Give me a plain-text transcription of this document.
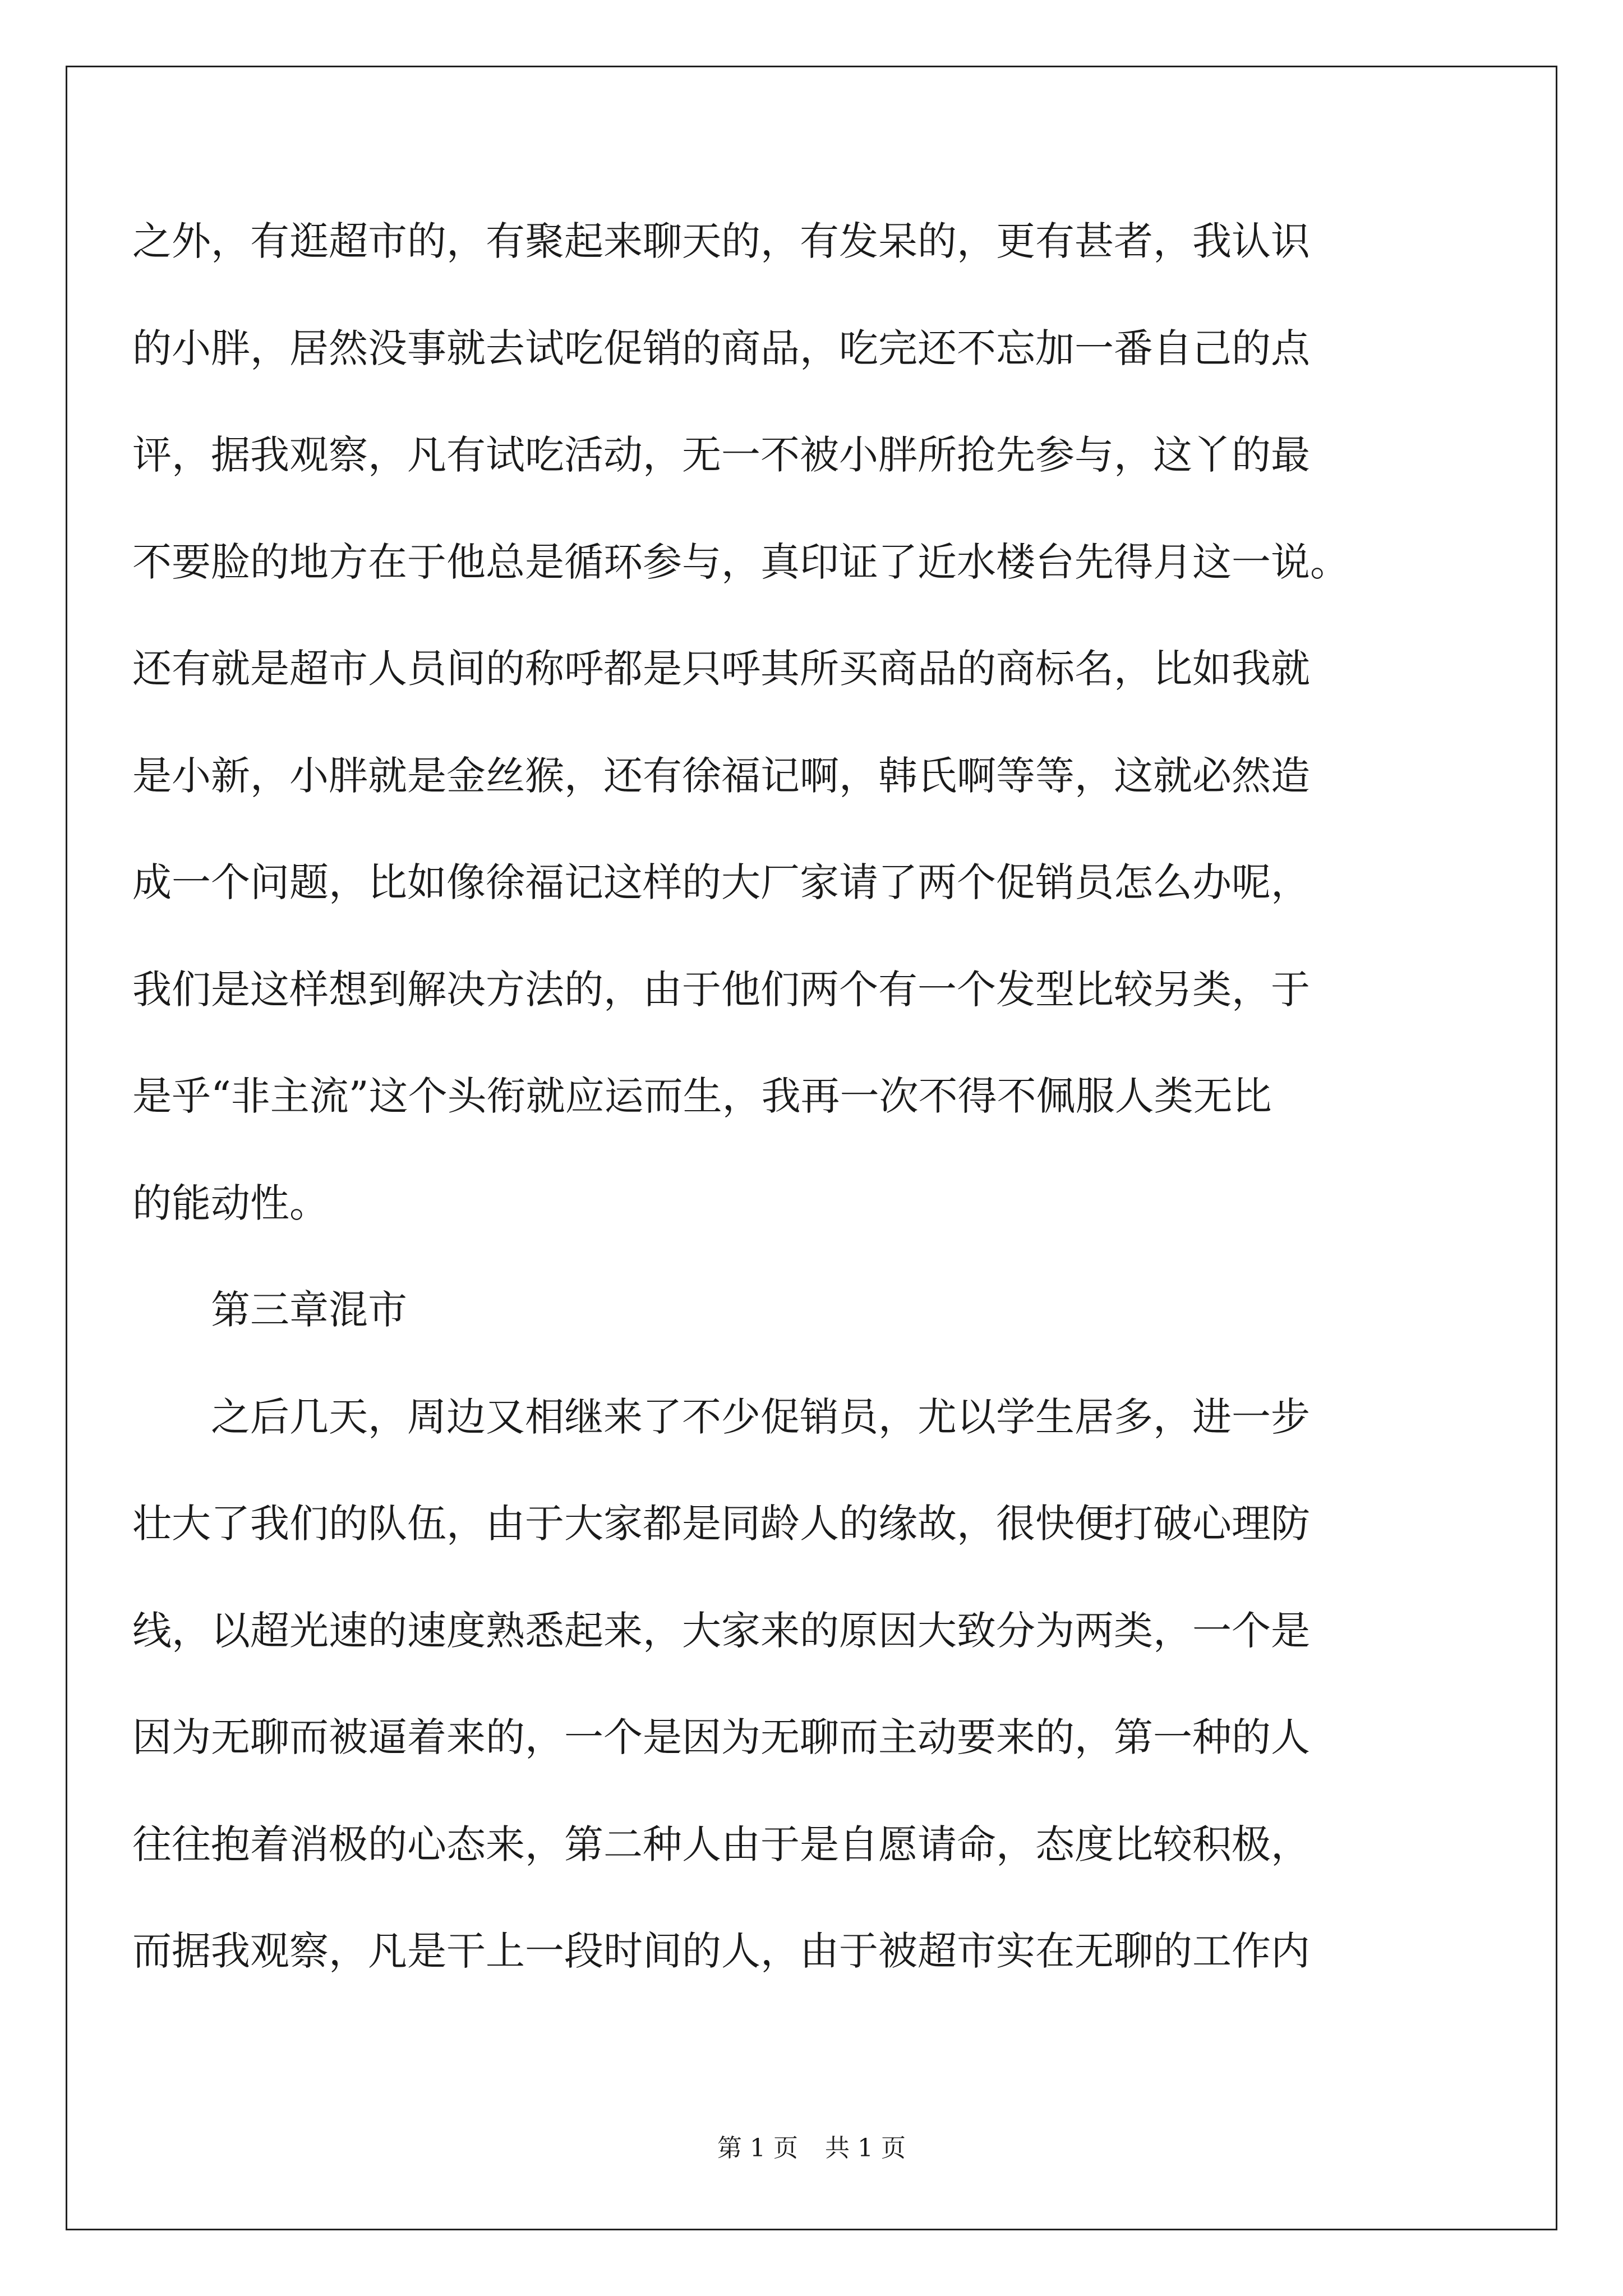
之外，有逛超市的，有聚起来聊天的，有发呆的，更有甚者，我认识
的小胖，居然没事就去试吃促销的商品，吃完还不忘加一番自己的点
评，据我观察，凡有试吃活动，无一不被小胖所抢先参与，这丫的最
不要脸的地方在于他总是循环参与，真印证了近水楼台先得月这一说。
还有就是超市人员间的称呼都是只呼其所买商品的商标名，比如我就
是小新，小胖就是金丝猴，还有徐福记啊，韩氏啊等等，这就必然造
成一个问题，比如像徐福记这样的大厂家请了两个促销员怎么办呢，
我们是这样想到解决方法的，由于他们两个有一个发型比较另类，于
是乎“非主流”这个头衔就应运而生，我再一次不得不佩服人类无比
的能动性。
第三章混市
之后几天，周边又相继来了不少促销员，尤以学生居多，进一步
壮大了我们的队伍，由于大家都是同龄人的缘故，很快便打破心理防
线，以超光速的速度熟悉起来，大家来的原因大致分为两类，一个是
因为无聊而被逼着来的，一个是因为无聊而主动要来的，第一种的人
往往抱着消极的心态来，第二种人由于是自愿请命，态度比较积极，
而据我观察，凡是干上一段时间的人，由于被超市实在无聊的工作内
第 1 页 共 1 页
